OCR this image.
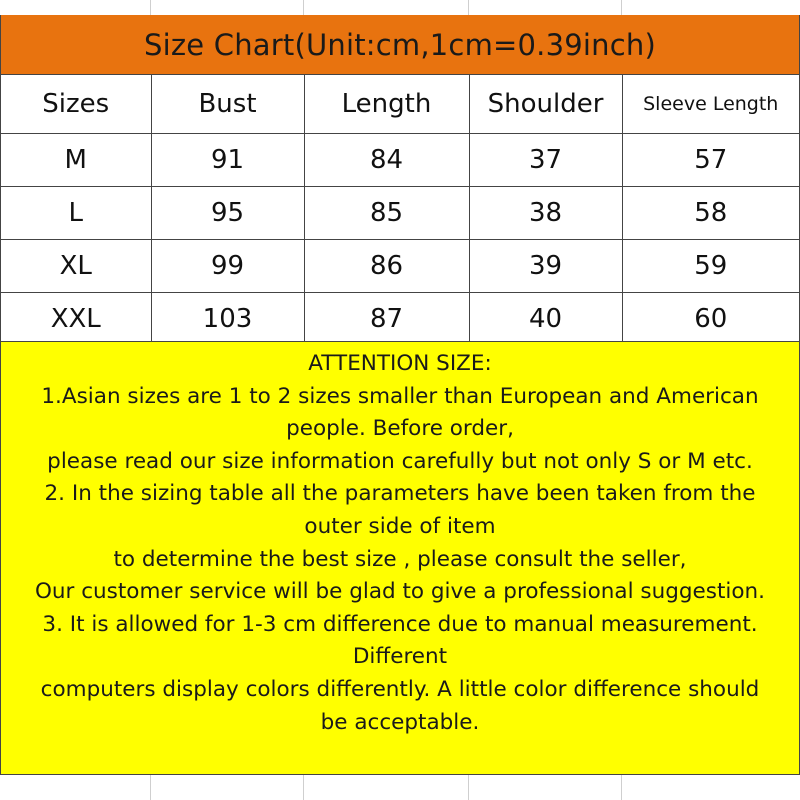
Size Chart(Unit:cm,1cm=0.39inch)
Sizes	Bust	Length	Shoulder	Sleeve Length
M	91	84	37	57
L	95	85	38	58
XL	99	86	39	59
XXL	103	87	40	60
ATTENTION SIZE:
1.Asian sizes are 1 to 2 sizes smaller than European and American
people. Before order,
please read our size information carefully but not only S or M etc.
2. In the sizing table all the parameters have been taken from the
outer side of item
to determine the best size , please consult the seller,
Our customer service will be glad to give a professional suggestion.
3. It is allowed for 1-3 cm difference due to manual measurement.
Different
computers display colors differently. A little color difference should
be acceptable.
